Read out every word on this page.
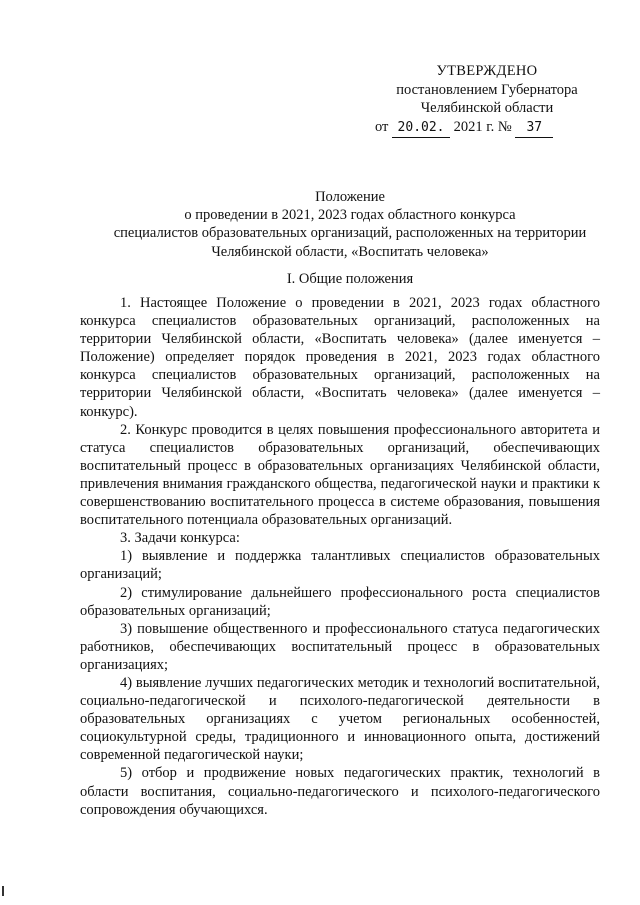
УТВЕРЖДЕНО
постановлением Губернатора
Челябинской области
от 20.02. 2021 г. № 37
Положение
о проведении в 2021, 2023 годах областного конкурса
специалистов образовательных организаций, расположенных на территории
Челябинской области, «Воспитать человека»
I. Общие положения

1. Настоящее Положение о проведении в 2021, 2023 годах областного конкурса специалистов образовательных организаций, расположенных на территории Челябинской области, «Воспитать человека» (далее именуется – Положение) определяет порядок проведения в 2021, 2023 годах областного конкурса специалистов образовательных организаций, расположенных на территории Челябинской области, «Воспитать человека» (далее именуется – конкурс).

2. Конкурс проводится в целях повышения профессионального авторитета и статуса специалистов образовательных организаций, обеспечивающих воспитательный процесс в образовательных организациях Челябинской области, привлечения внимания гражданского общества, педагогической науки и практики к совершенствованию воспитательного процесса в системе образования, повышения воспитательного потенциала образовательных организаций.

3. Задачи конкурса:

1) выявление и поддержка талантливых специалистов образовательных организаций;

2) стимулирование дальнейшего профессионального роста специалистов образовательных организаций;

3) повышение общественного и профессионального статуса педагогических работников, обеспечивающих воспитательный процесс в образовательных организациях;

4) выявление лучших педагогических методик и технологий воспитательной, социально-педагогической и психолого-педагогической деятельности в образовательных организациях с учетом региональных особенностей, социокультурной среды, традиционного и инновационного опыта, достижений современной педагогической науки;

5) отбор и продвижение новых педагогических практик, технологий в области воспитания, социально-педагогического и психолого-педагогического сопровождения обучающихся.
